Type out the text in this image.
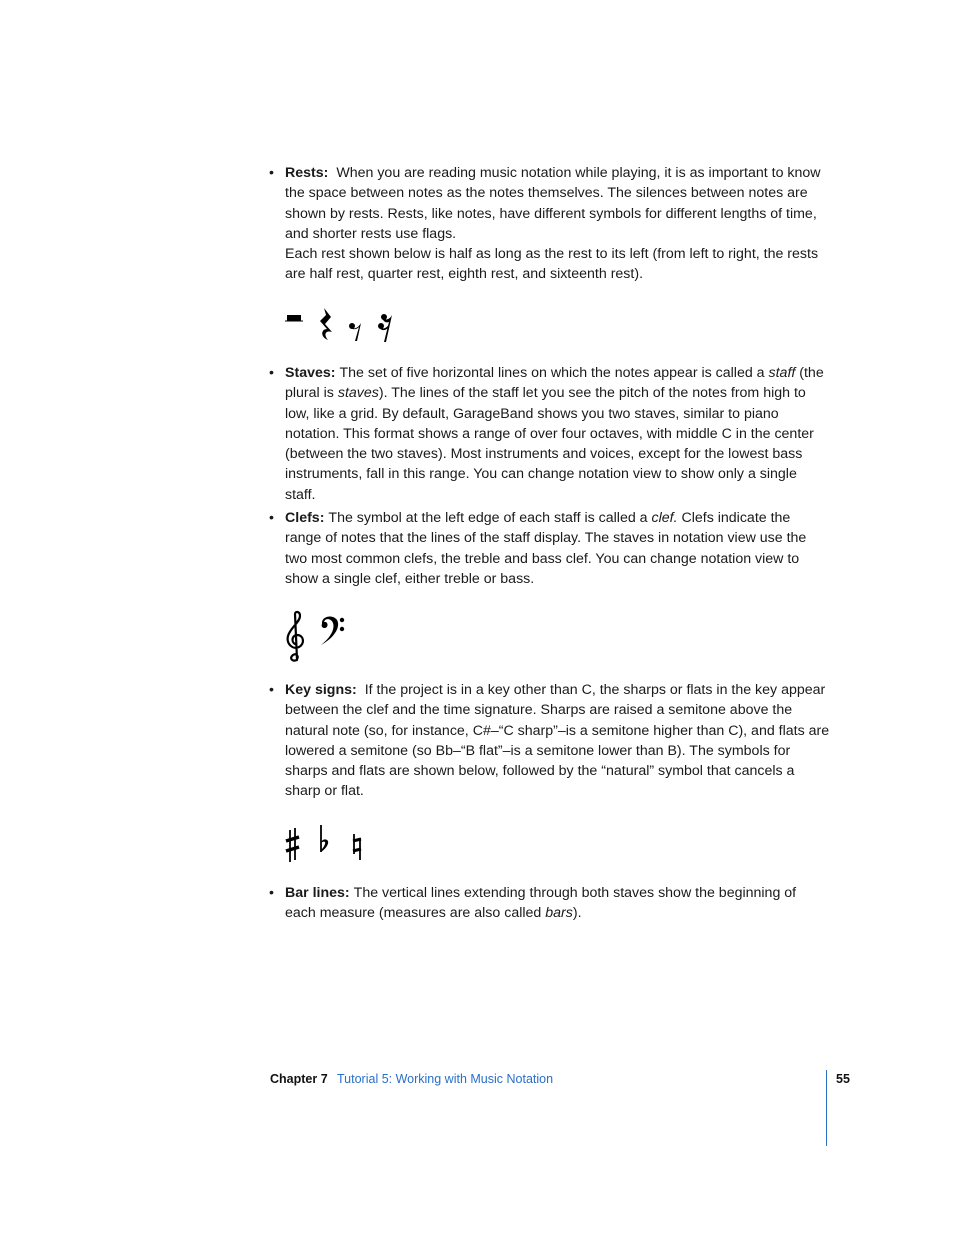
• Rests: When you are reading music notation while playing, it is as important to know the space between notes as the notes themselves. The silences between notes are shown by rests. Rests, like notes, have different symbols for different lengths of time, and shorter rests use flags.
Each rest shown below is half as long as the rest to its left (from left to right, the rests are half rest, quarter rest, eighth rest, and sixteenth rest).
• Staves: The set of five horizontal lines on which the notes appear is called a staff (the plural is staves). The lines of the staff let you see the pitch of the notes from high to low, like a grid. By default, GarageBand shows you two staves, similar to piano notation. This format shows a range of over four octaves, with middle C in the center (between the two staves). Most instruments and voices, except for the lowest bass instruments, fall in this range. You can change notation view to show only a single staff.
• Clefs: The symbol at the left edge of each staff is called a clef. Clefs indicate the range of notes that the lines of the staff display. The staves in notation view use the two most common clefs, the treble and bass clef. You can change notation view to show a single clef, either treble or bass.
• Key signs: If the project is in a key other than C, the sharps or flats in the key appear between the clef and the time signature. Sharps are raised a semitone above the natural note (so, for instance, C#–“C sharp”–is a semitone higher than C), and flats are lowered a semitone (so Bb–“B flat”–is a semitone lower than B). The symbols for sharps and flats are shown below, followed by the “natural” symbol that cancels a sharp or flat.
• Bar lines: The vertical lines extending through both staves show the beginning of each measure (measures are also called bars).
Chapter 7 Tutorial 5: Working with Music Notation	55
